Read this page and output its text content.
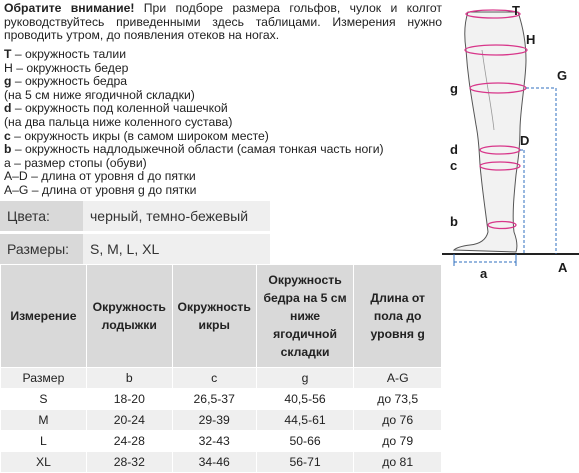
Обратите внимание! При подборе размера гольфов, чулок и колгот руководствуйтесь приведенными здесь таблицами. Измерения нужно проводить утром, до появления отеков на ногах.
T – окружность талии
H – окружность бедер
g – окружность бедра
(на 5 см ниже ягодичной складки)
d – окружность под коленной чашечкой
(на два пальца ниже коленного сустава)
c – окружность икры (в самом широком месте)
b – окружность надлодыжечной области (самая тонкая часть ноги)
a – размер стопы (обуви)
A–D – длина от уровня d до пятки
A–G – длина от уровня g до пятки
Цвета:	черный, темно-бежевый
Размеры:	S, M, L, XL
Измерение	Окружность лодыжки	Окружность икры	Окружность бедра на 5 см ниже ягодичной складки	Длина от пола до уровня g
Размер	b	c	g	A-G
S	18-20	26,5-37	40,5-56	до 73,5
M	20-24	29-39	44,5-61	до 76
L	24-28	32-43	50-66	до 79
XL	28-32	34-46	56-71	до 81
T
H
G
g
D
d
c
b
a	A
